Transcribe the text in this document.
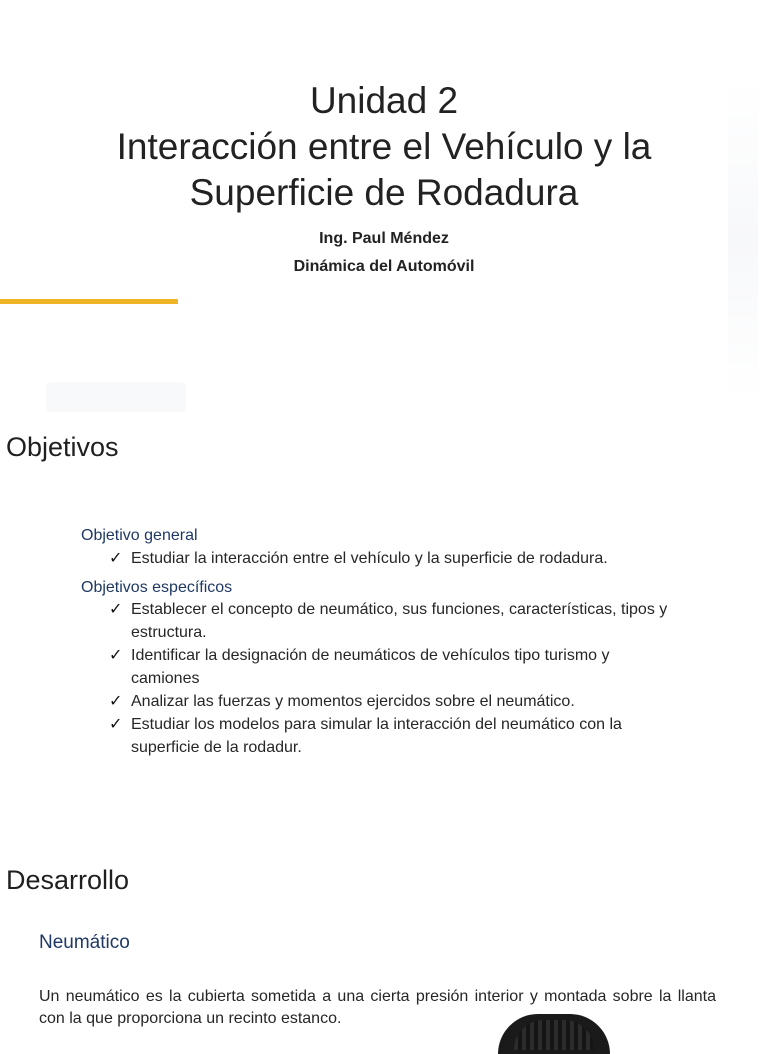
Unidad 2
Interacción entre el Vehículo y la
Superficie de Rodadura
Ing. Paul Méndez
Dinámica del Automóvil
Objetivos
Objetivo general
✓ Estudiar la interacción entre el vehículo y la superficie de rodadura.
Objetivos específicos
✓ Establecer el concepto de neumático, sus funciones, características, tipos y estructura.
✓ Identificar la designación de neumáticos de vehículos tipo turismo y camiones
✓ Analizar las fuerzas y momentos ejercidos sobre el neumático.
✓ Estudiar los modelos para simular la interacción del neumático con la superficie de la rodadur.
Desarrollo
Neumático

Un neumático es la cubierta sometida a una cierta presión interior y montada sobre la llanta con la que proporciona un recinto estanco.
